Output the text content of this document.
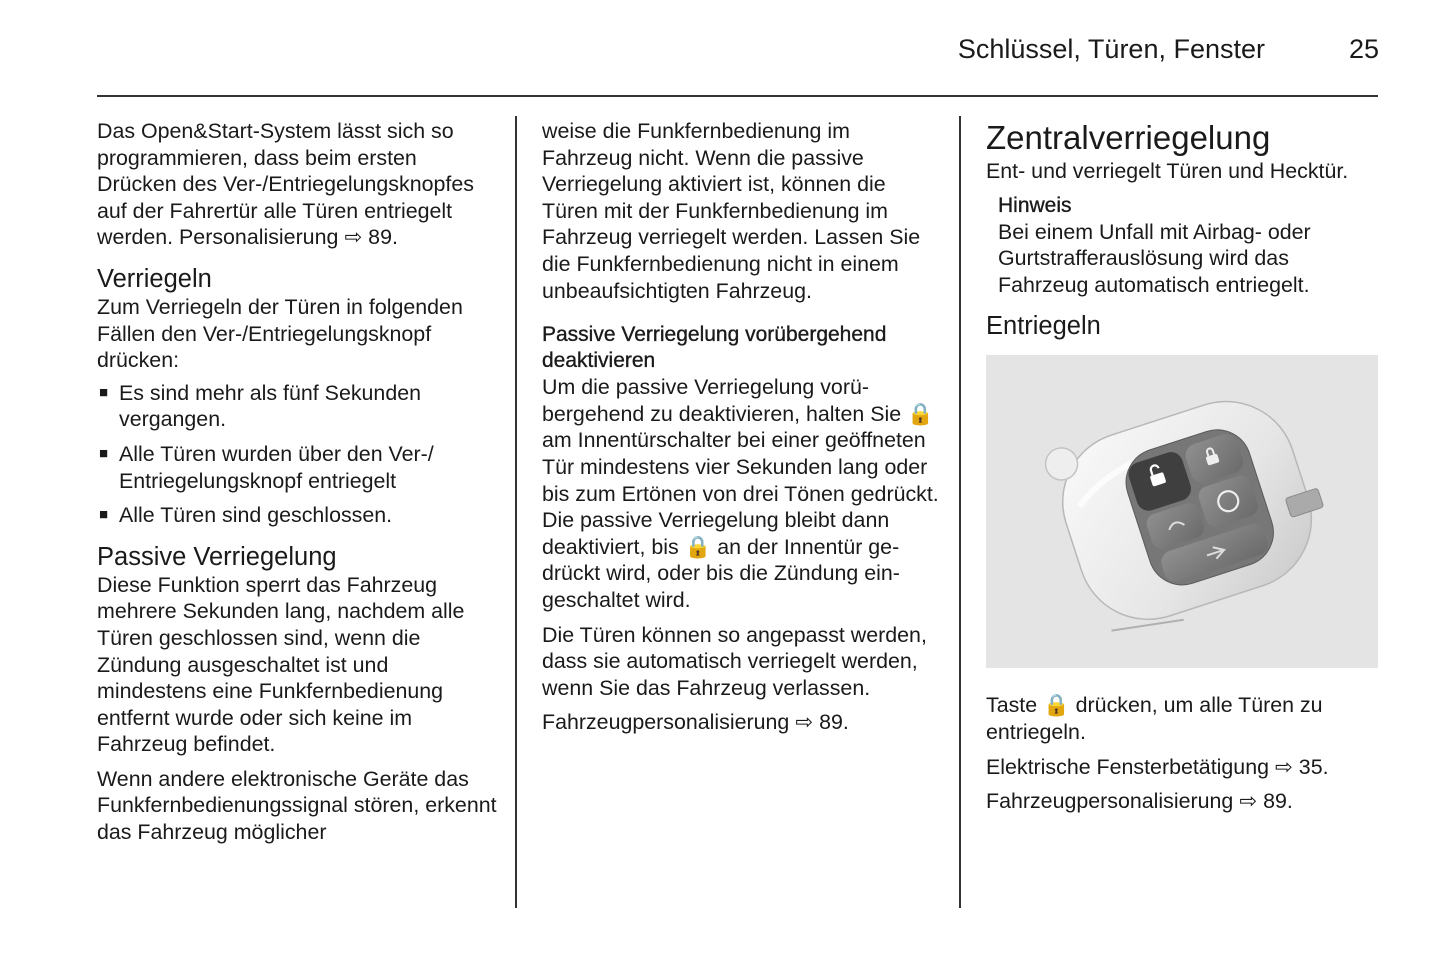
Schlüssel, Türen, Fenster	25

Das Open&Start-System lässt sich so programmieren, dass beim ersten Drücken des Ver-/Entriegelungsknopfes auf der Fahrertür alle Türen entriegelt werden. Personalisierung ⇨ 89.

Verriegeln

Zum Verriegeln der Türen in folgenden Fällen den Ver-/Entriegelungsknopf drücken:

■ Es sind mehr als fünf Sekunden vergangen.
■ Alle Türen wurden über den Ver-/ Entriegelungsknopf entriegelt
■ Alle Türen sind geschlossen.
Passive Verriegelung

Diese Funktion sperrt das Fahrzeug mehrere Sekunden lang, nachdem alle Türen geschlossen sind, wenn die Zündung ausgeschaltet ist und mindestens eine Funkfernbedienung entfernt wurde oder sich keine im Fahrzeug befindet.

Wenn andere elektronische Geräte das Funkfernbedienungssignal stören, erkennt das Fahrzeug möglicher

weise die Funkfernbedienung im Fahrzeug nicht. Wenn die passive Verriegelung aktiviert ist, können die Türen mit der Funkfernbedienung im Fahrzeug verriegelt werden. Lassen Sie die Funkfernbedienung nicht in einem unbeaufsichtigten Fahrzeug.

Passive Verriegelung vorübergehend deaktivieren

Um die passive Verriegelung vorübergehend zu deaktivieren, halten Sie 🔒 am Innentürschalter bei einer geöffneten Tür mindestens vier Sekunden lang oder bis zum Ertönen von drei Tönen gedrückt. Die passive Verriegelung bleibt dann deaktiviert, bis 🔒 an der Innentür gedrückt wird, oder bis die Zündung eingeschaltet wird.

Die Türen können so angepasst werden, dass sie automatisch verriegelt werden, wenn Sie das Fahrzeug verlassen.

Fahrzeugpersonalisierung ⇨ 89.

Zentralverriegelung

Ent- und verriegelt Türen und Hecktür.

Hinweis
Bei einem Unfall mit Airbag- oder Gurtstrafferauslösung wird das Fahrzeug automatisch entriegelt.
Entriegeln

Taste 🔒 drücken, um alle Türen zu entriegeln.

Elektrische Fensterbetätigung ⇨ 35.

Fahrzeugpersonalisierung ⇨ 89.
